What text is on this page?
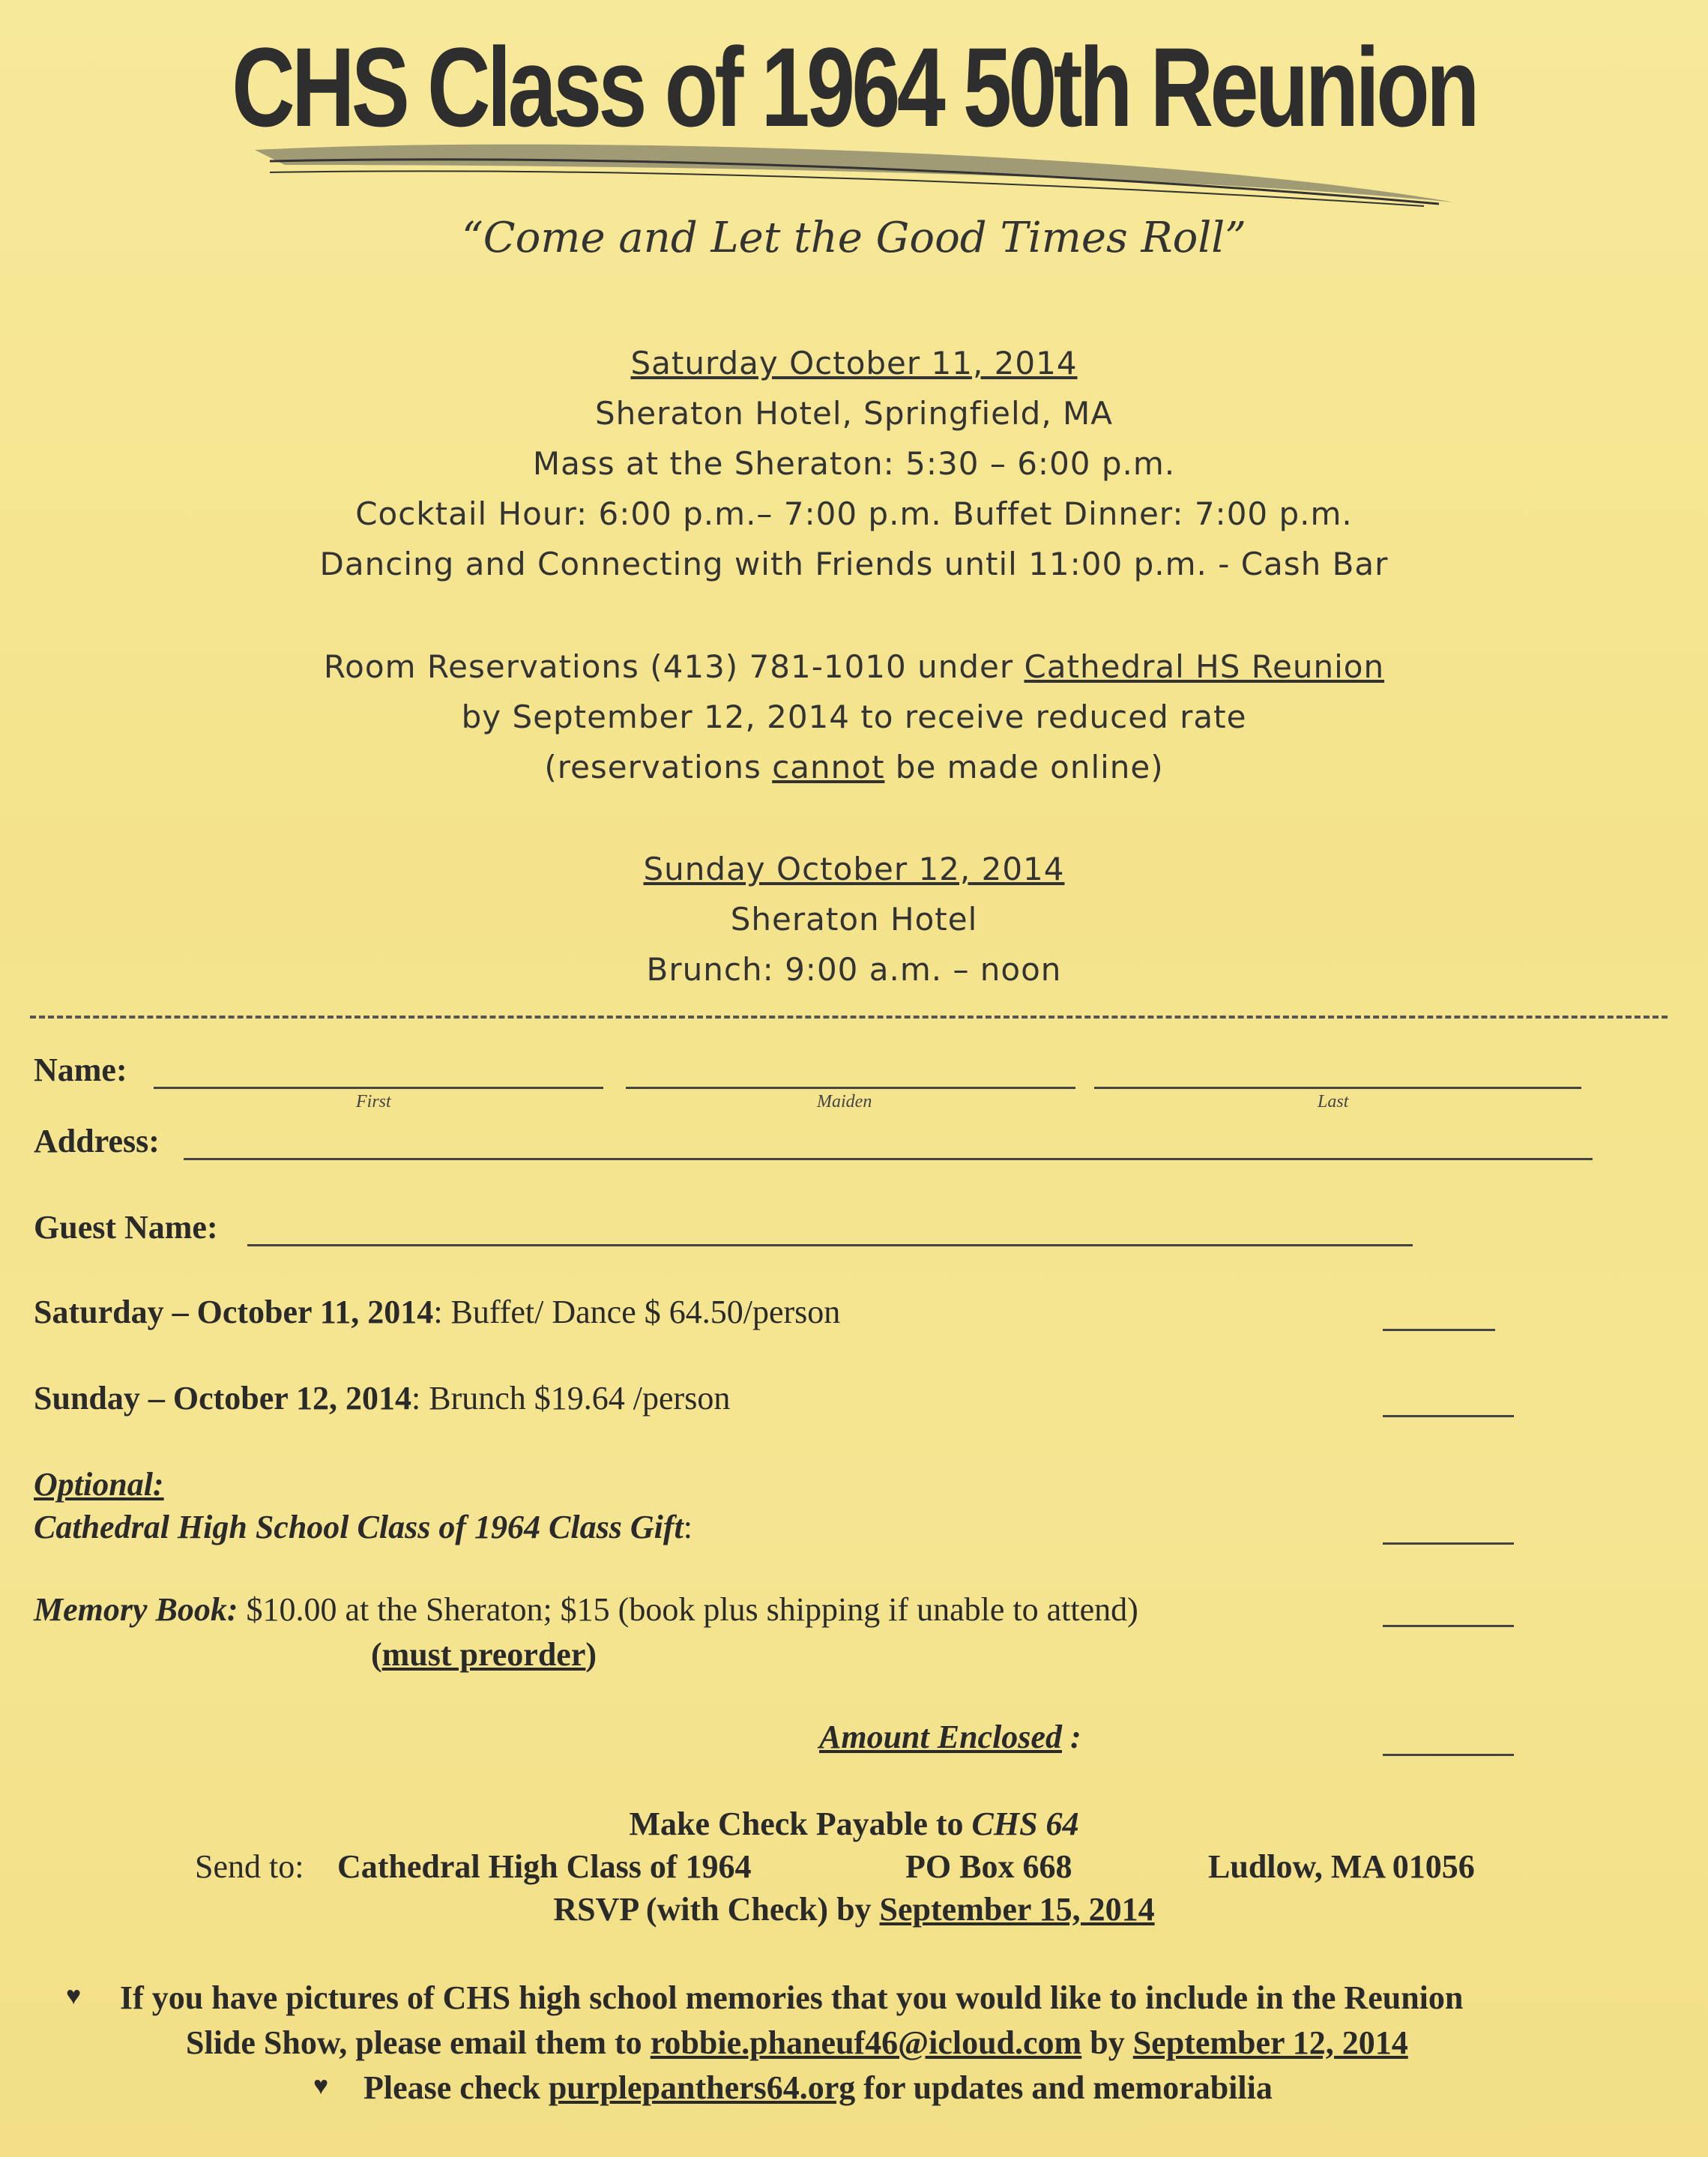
CHS Class of 1964 50th Reunion
“Come and Let the Good Times Roll”
Saturday October 11, 2014
Sheraton Hotel, Springfield, MA
Mass at the Sheraton: 5:30 – 6:00 p.m.
Cocktail Hour: 6:00 p.m.– 7:00 p.m. Buffet Dinner: 7:00 p.m.
Dancing and Connecting with Friends until 11:00 p.m. - Cash Bar
Room Reservations (413) 781-1010 under Cathedral HS Reunion
by September 12, 2014 to receive reduced rate
(reservations cannot be made online)
Sunday October 12, 2014
Sheraton Hotel
Brunch: 9:00 a.m. – noon
Name:
First	Maiden	Last
Address:
Guest Name:
Saturday – October 11, 2014: Buffet/ Dance $ 64.50/person
Sunday – October 12, 2014: Brunch $19.64 /person
Optional:
Cathedral High School Class of 1964 Class Gift:
Memory Book: $10.00 at the Sheraton; $15 (book plus shipping if unable to attend)
(must preorder)
Amount Enclosed :
Make Check Payable to CHS 64
Send to: Cathedral High Class of 1964	PO Box 668	Ludlow, MA 01056
RSVP (with Check) by September 15, 2014
♥ If you have pictures of CHS high school memories that you would like to include in the Reunion
Slide Show, please email them to robbie.phaneuf46@icloud.com by September 12, 2014
♥ Please check purplepanthers64.org for updates and memorabilia
